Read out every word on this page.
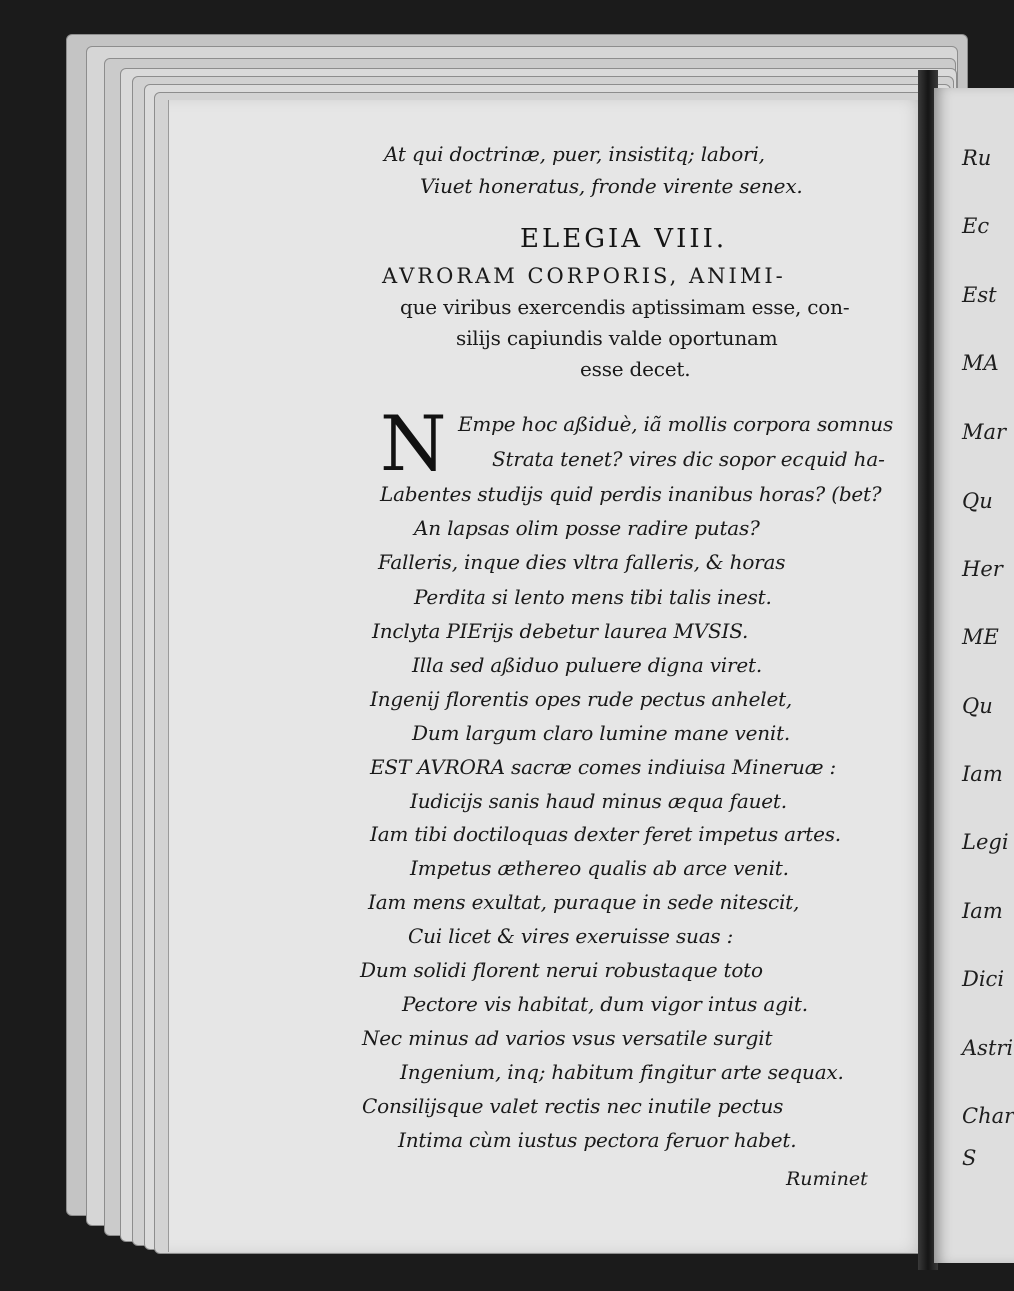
At qui doctrinæ, puer, insistitq; labori,
Viuet honeratus, fronde virente senex.
ELEGIA VIII.
AVRORAM CORPORIS, ANIMI-
que viribus exercendis aptissimam esse, con-
silijs capiundis valde oportunam
esse decet.
N Empe hoc aßiduè, iã mollis corpora somnus
Strata tenet? vires dic sopor ecquid ha-
Labentes studijs quid perdis inanibus horas? (bet?
An lapsas olim posse radire putas?
Falleris, inque dies vltra falleris, & horas
Perdita si lento mens tibi talis inest.
Inclyta PIErijs debetur laurea MVSIS.
Illa sed aßiduo puluere digna viret.
Ingenij florentis opes rude pectus anhelet,
Dum largum claro lumine mane venit.
EST AVRORA sacræ comes indiuisa Mineruæ :
Iudicijs sanis haud minus æqua fauet.
Iam tibi doctiloquas dexter feret impetus artes.
Impetus æthereo qualis ab arce venit.
Iam mens exultat, puraque in sede nitescit,
Cui licet & vires exeruisse suas :
Dum solidi florent nerui robustaque toto
Pectore vis habitat, dum vigor intus agit.
Nec minus ad varios vsus versatile surgit
Ingenium, inq; habitum fingitur arte sequax.
Consilijsque valet rectis nec inutile pectus
Intima cùm iustus pectora feruor habet.
Ruminet
Ru
Ec
Est
MA
Mar
Qu
Her
ME
Qu
Iam
Legi
Iam
Dici
Astri
Char
S
